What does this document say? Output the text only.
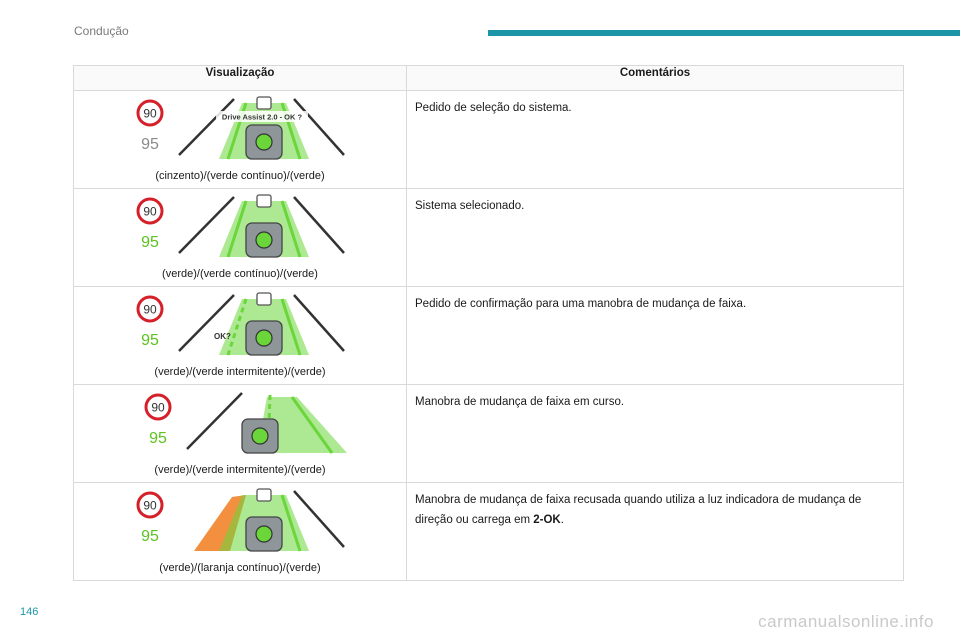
Condução
Visualização	Comentários

90
95
Drive Assist 2.0 - OK ?
(cinzento)/(verde contínuo)/(verde)	Pedido de seleção do sistema.

90
95
(verde)/(verde contínuo)/(verde)	Sistema selecionado.

90
95 OK?
(verde)/(verde intermitente)/(verde)	Pedido de confirmação para uma manobra de mudança de faixa.

90
95
(verde)/(verde intermitente)/(verde)	Manobra de mudança de faixa em curso.

90
95
(verde)/(laranja contínuo)/(verde)	Manobra de mudança de faixa recusada quando utiliza a luz indicadora de mudança de direção ou carrega em 2-OK.
146	carmanualsonline.info
